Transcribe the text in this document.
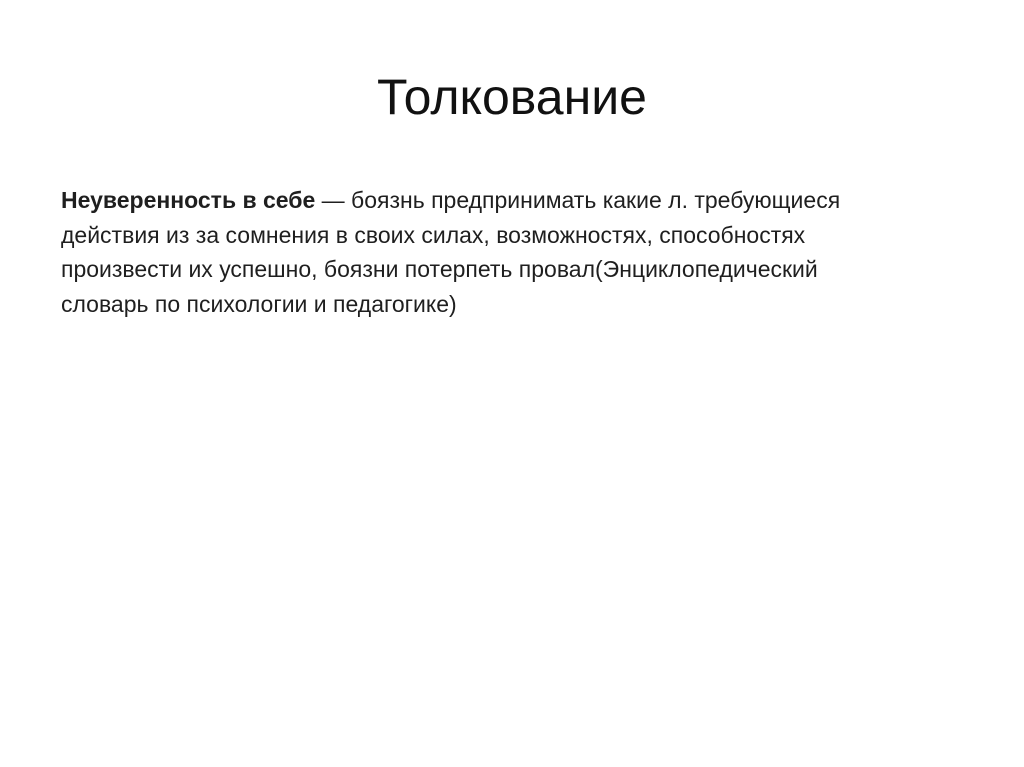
Толкование

Неуверенность в себе — боязнь предпринимать какие л. требующиеся
действия из за сомнения в своих силах, возможностях, способностях
произвести их успешно, боязни потерпеть провал(Энциклопедический
словарь по психологии и педагогике)
